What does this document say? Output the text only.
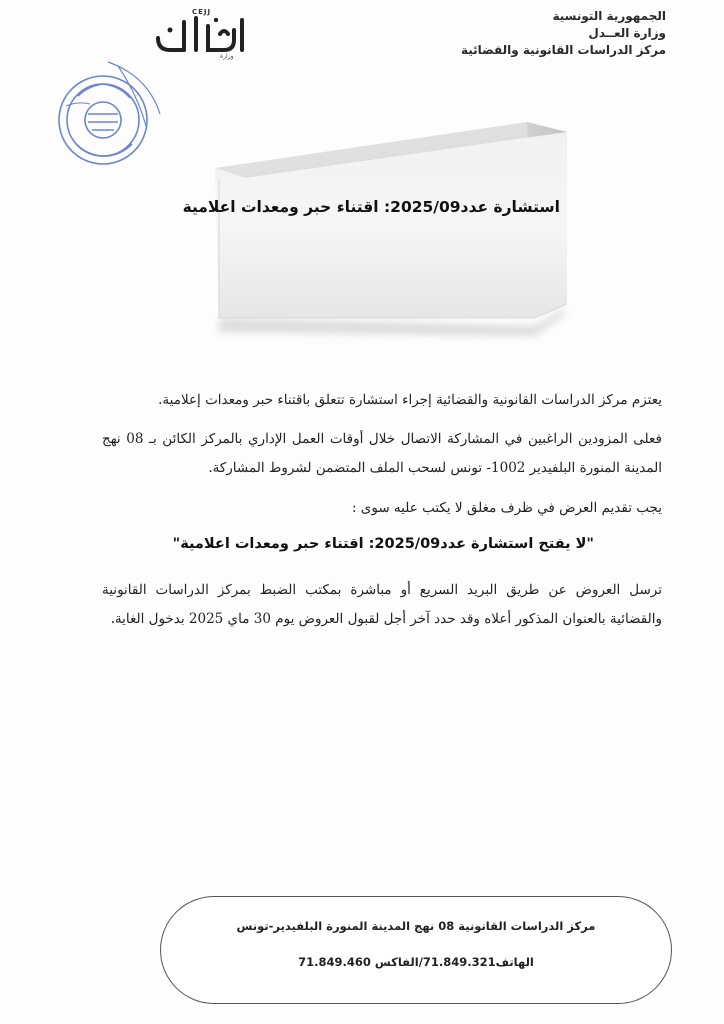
الجمهورية التونسية
وزارة العــدل
مركز الدراسات القانونية والقضائية
CEJJ
وزارة
استشارة عدد2025/09: اقتناء حبر ومعدات اعلامية
يعتزم مركز الدراسات القانونية والقضائية إجراء استشارة تتعلق باقتناء حبر ومعدات إعلامية.
فعلى المزودين الراغبين في المشاركة الاتصال خلال أوقات العمل الإداري بالمركز الكائن بـ 08 نهج المدينة المنورة البلفيدير 1002- تونس لسحب الملف المتضمن لشروط المشاركة.
يجب تقديم العرض في ظرف مغلق لا يكتب عليه سوى :
"لا يفتح استشارة عدد2025/09: اقتناء حبر ومعدات اعلامية"
ترسل العروض عن طريق البريد السريع أو مباشرة بمكتب الضبط بمركز الدراسات القانونية والقضائية بالعنوان المذكور أعلاه وقد حدد آخر أجل لقبول العروض يوم 30 ماي 2025 بدخول الغاية.
مركز الدراسات القانونية 08 نهج المدينة المنورة البلفيدير-تونس
الهاتف71.849.321/الفاكس 71.849.460
